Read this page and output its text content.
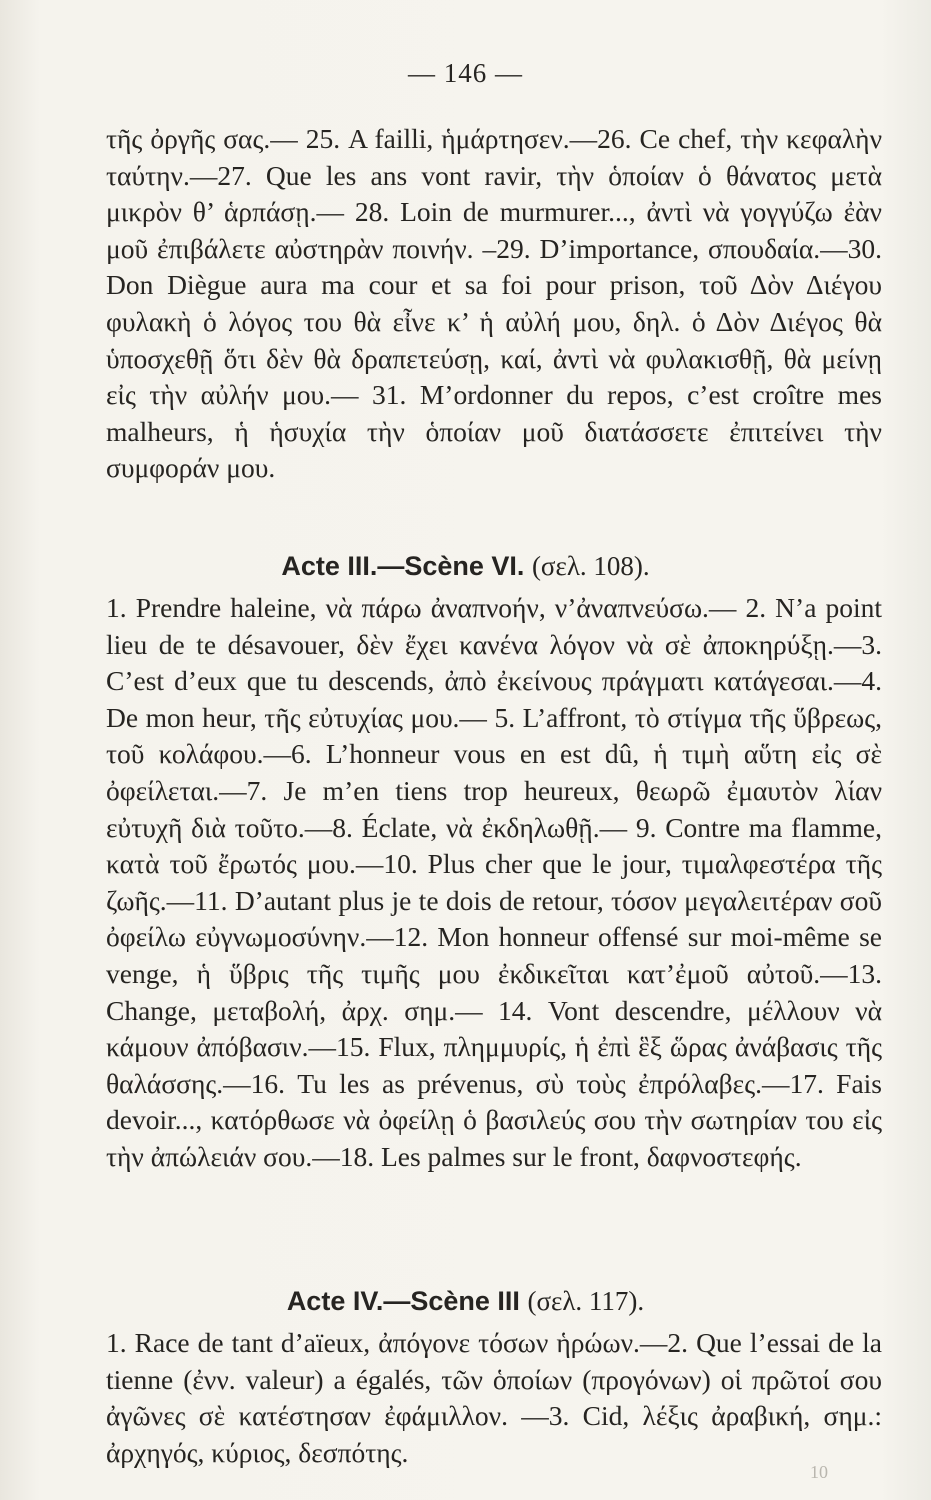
— 146 —

τῆς ὀργῆς σας.— 25. A failli, ἡμάρτησεν.—26. Ce chef, τὴν κεφαλὴν ταύτην.—27. Que les ans vont ravir, τὴν ὁποίαν ὁ θάνατος μετὰ μικρὸν θ’ ἁρπάσῃ.— 28. Loin de murmurer..., ἀντὶ νὰ γογγύζω ἐὰν μοῦ ἐπιβάλετε αὐστηρὰν ποινήν. –29. D’importance, σπουδαία.—30. Don Diègue aura ma cour et sa foi pour prison, τοῦ Δὸν Διέγου φυλακὴ ὁ λόγος του θὰ εἶνε κ’ ἡ αὐλή μου, δηλ. ὁ Δὸν Διέγος θὰ ὑποσχεθῇ ὅτι δὲν θὰ δραπετεύσῃ, καί, ἀντὶ νὰ φυλακισθῇ, θὰ μείνῃ εἰς τὴν αὐλήν μου.— 31. M’ordonner du repos, c’est croître mes malheurs, ἡ ἡσυχία τὴν ὁποίαν μοῦ διατάσσετε ἐπιτείνει τὴν συμφοράν μου.

Acte III.—Scène VI. (σελ. 108).

1. Prendre haleine, νὰ πάρω ἀναπνοήν, ν’ἀναπνεύσω.— 2. N’a point lieu de te désavouer, δὲν ἔχει κανένα λόγον νὰ σὲ ἀποκηρύξῃ.—3. C’est d’eux que tu descends, ἀπὸ ἐκείνους πράγματι κατάγεσαι.—4. De mon heur, τῆς εὐτυχίας μου.— 5. L’affront, τὸ στίγμα τῆς ὕβρεως, τοῦ κολάφου.—6. L’honneur vous en est dû, ἡ τιμὴ αὕτη εἰς σὲ ὀφείλεται.—7. Je m’en tiens trop heureux, θεωρῶ ἐμαυτὸν λίαν εὐτυχῆ διὰ τοῦτο.—8. Éclate, νὰ ἐκδηλωθῇ.— 9. Contre ma flamme, κατὰ τοῦ ἔρωτός μου.—10. Plus cher que le jour, τιμαλφεστέρα τῆς ζωῆς.—11. D’autant plus je te dois de retour, τόσον μεγαλειτέραν σοῦ ὀφείλω εὐγνωμοσύνην.—12. Mon honneur offensé sur moi-même se venge, ἡ ὕβρις τῆς τιμῆς μου ἐκδικεῖται κατ’ἐμοῦ αὐτοῦ.—13. Change, μεταβολή, ἀρχ. σημ.— 14. Vont descendre, μέλλουν νὰ κάμουν ἀπόβασιν.—15. Flux, πλημμυρίς, ἡ ἐπὶ ἓξ ὥρας ἀνάβασις τῆς θαλάσσης.—16. Tu les as prévenus, σὺ τοὺς ἐπρόλαβες.—17. Fais devoir..., κατόρθωσε νὰ ὀφείλῃ ὁ βασιλεύς σου τὴν σωτηρίαν του εἰς τὴν ἀπώλειάν σου.—18. Les palmes sur le front, δαφνοστεφής.

Acte IV.—Scène III (σελ. 117).

1. Race de tant d’aïeux, ἀπόγονε τόσων ἡρώων.—2. Que l’essai de la tienne (ἐνν. valeur) a égalés, τῶν ὁποίων (προγόνων) οἱ πρῶτοί σου ἀγῶνες σὲ κατέστησαν ἐφάμιλλον. —3. Cid, λέξις ἀραβική, σημ.: ἀρχηγός, κύριος, δεσπότης.

10
